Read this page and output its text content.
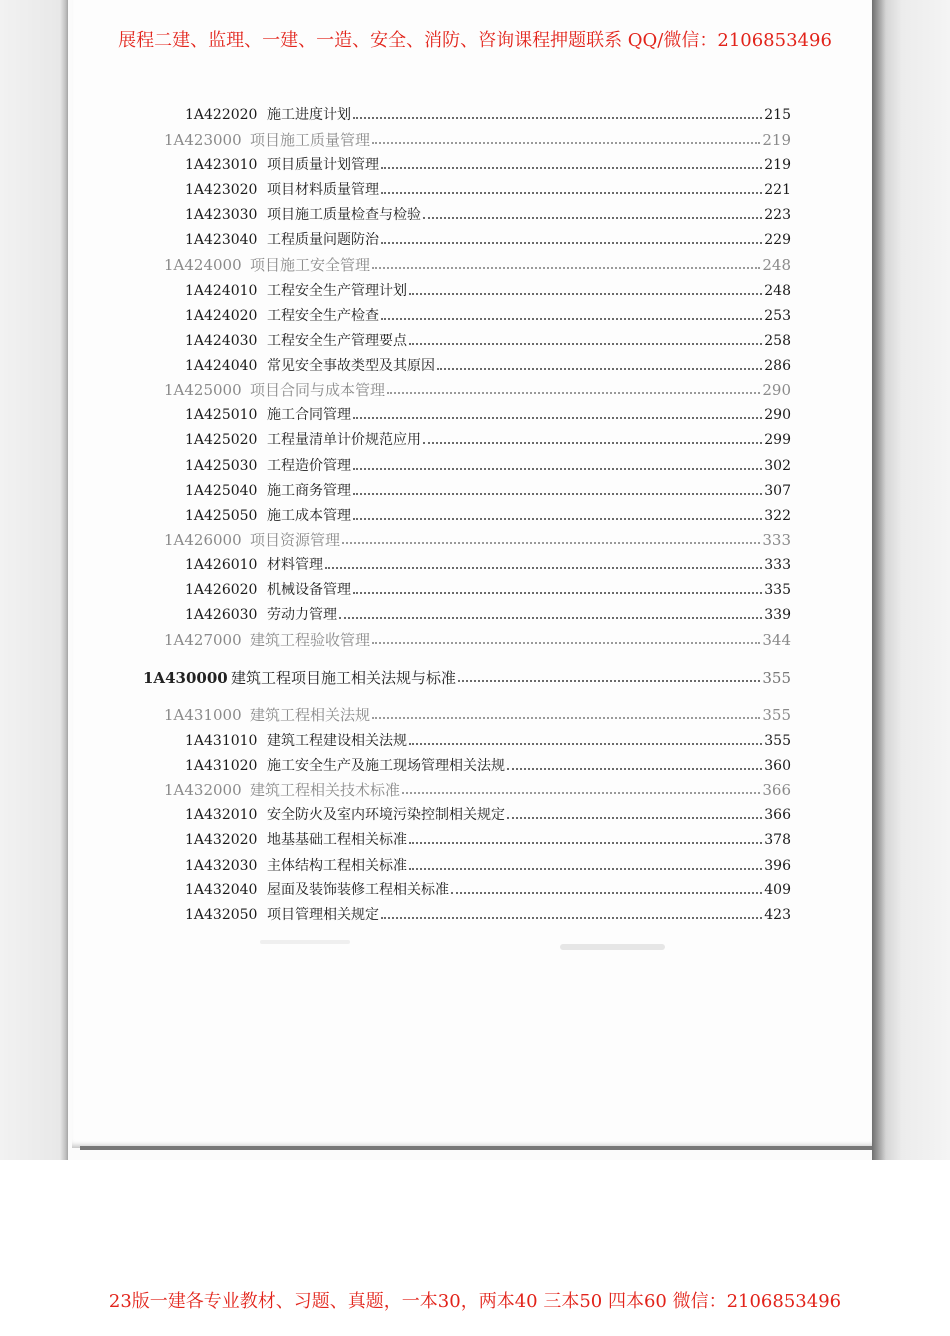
展程二建、监理、一建、一造、安全、消防、咨询课程押题联系 QQ/微信：2106853496
1A422020 施工进度计划	215
1A423000 项目施工质量管理	219
1A423010 项目质量计划管理	219
1A423020 项目材料质量管理	221
1A423030 项目施工质量检查与检验	223
1A423040 工程质量问题防治	229
1A424000 项目施工安全管理	248
1A424010 工程安全生产管理计划	248
1A424020 工程安全生产检查	253
1A424030 工程安全生产管理要点	258
1A424040 常见安全事故类型及其原因	286
1A425000 项目合同与成本管理	290
1A425010 施工合同管理	290
1A425020 工程量清单计价规范应用	299
1A425030 工程造价管理	302
1A425040 施工商务管理	307
1A425050 施工成本管理	322
1A426000 项目资源管理	333
1A426010 材料管理	333
1A426020 机械设备管理	335
1A426030 劳动力管理	339
1A427000 建筑工程验收管理	344
1A430000 建筑工程项目施工相关法规与标准	355
1A431000 建筑工程相关法规	355
1A431010 建筑工程建设相关法规	355
1A431020 施工安全生产及施工现场管理相关法规	360
1A432000 建筑工程相关技术标准	366
1A432010 安全防火及室内环境污染控制相关规定	366
1A432020 地基基础工程相关标准	378
1A432030 主体结构工程相关标准	396
1A432040 屋面及装饰装修工程相关标准	409
1A432050 项目管理相关规定	423
23版一建各专业教材、习题、真题，一本30，两本40 三本50 四本60 微信：2106853496
